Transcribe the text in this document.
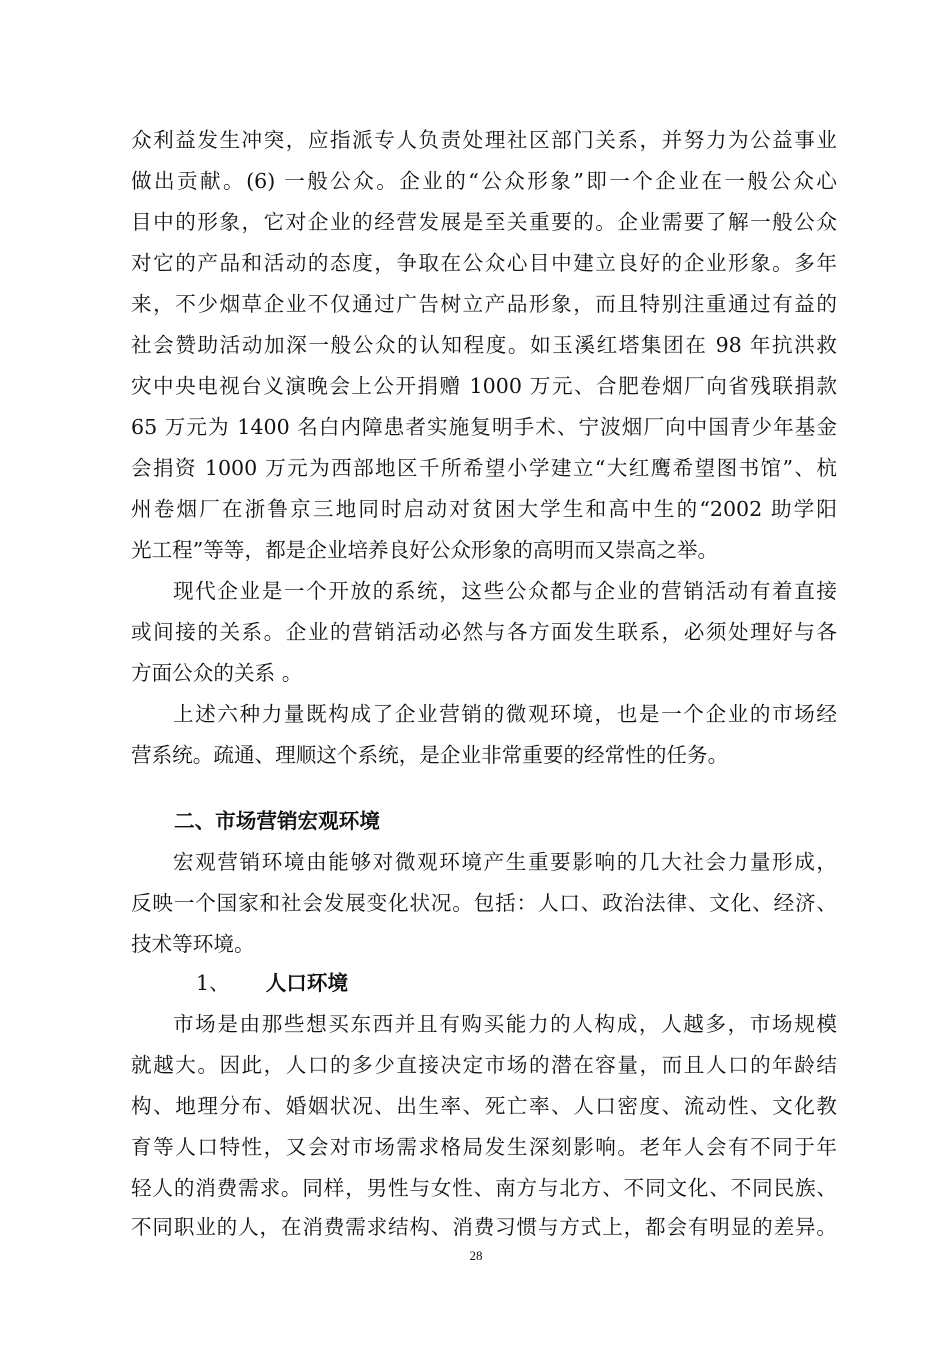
众利益发生冲突，应指派专人负责处理社区部门关系，并努力为公益事业
做出贡献。(6) 一般公众。企业的“公众形象”即一个企业在一般公众心
目中的形象，它对企业的经营发展是至关重要的。企业需要了解一般公众
对它的产品和活动的态度，争取在公众心目中建立良好的企业形象。多年
来，不少烟草企业不仅通过广告树立产品形象，而且特别注重通过有益的
社会赞助活动加深一般公众的认知程度。如玉溪红塔集团在 98 年抗洪救
灾中央电视台义演晚会上公开捐赠 1000 万元、合肥卷烟厂向省残联捐款
65 万元为 1400 名白内障患者实施复明手术、宁波烟厂向中国青少年基金
会捐资 1000 万元为西部地区千所希望小学建立“大红鹰希望图书馆”、杭
州卷烟厂在浙鲁京三地同时启动对贫困大学生和高中生的“2002 助学阳
光工程”等等，都是企业培养良好公众形象的高明而又崇高之举。
现代企业是一个开放的系统，这些公众都与企业的营销活动有着直接
或间接的关系。企业的营销活动必然与各方面发生联系，必须处理好与各
方面公众的关系 。
上述六种力量既构成了企业营销的微观环境，也是一个企业的市场经
营系统。疏通、理顺这个系统，是企业非常重要的经常性的任务。
二、市场营销宏观环境
宏观营销环境由能够对微观环境产生重要影响的几大社会力量形成，
反映一个国家和社会发展变化状况。包括：人口、政治法律、文化、经济、
技术等环境。
1、 人口环境
市场是由那些想买东西并且有购买能力的人构成，人越多，市场规模
就越大。因此，人口的多少直接决定市场的潜在容量，而且人口的年龄结
构、地理分布、婚姻状况、出生率、死亡率、人口密度、流动性、文化教
育等人口特性，又会对市场需求格局发生深刻影响。老年人会有不同于年
轻人的消费需求。同样，男性与女性、南方与北方、不同文化、不同民族、
不同职业的人，在消费需求结构、消费习惯与方式上，都会有明显的差异。
28
